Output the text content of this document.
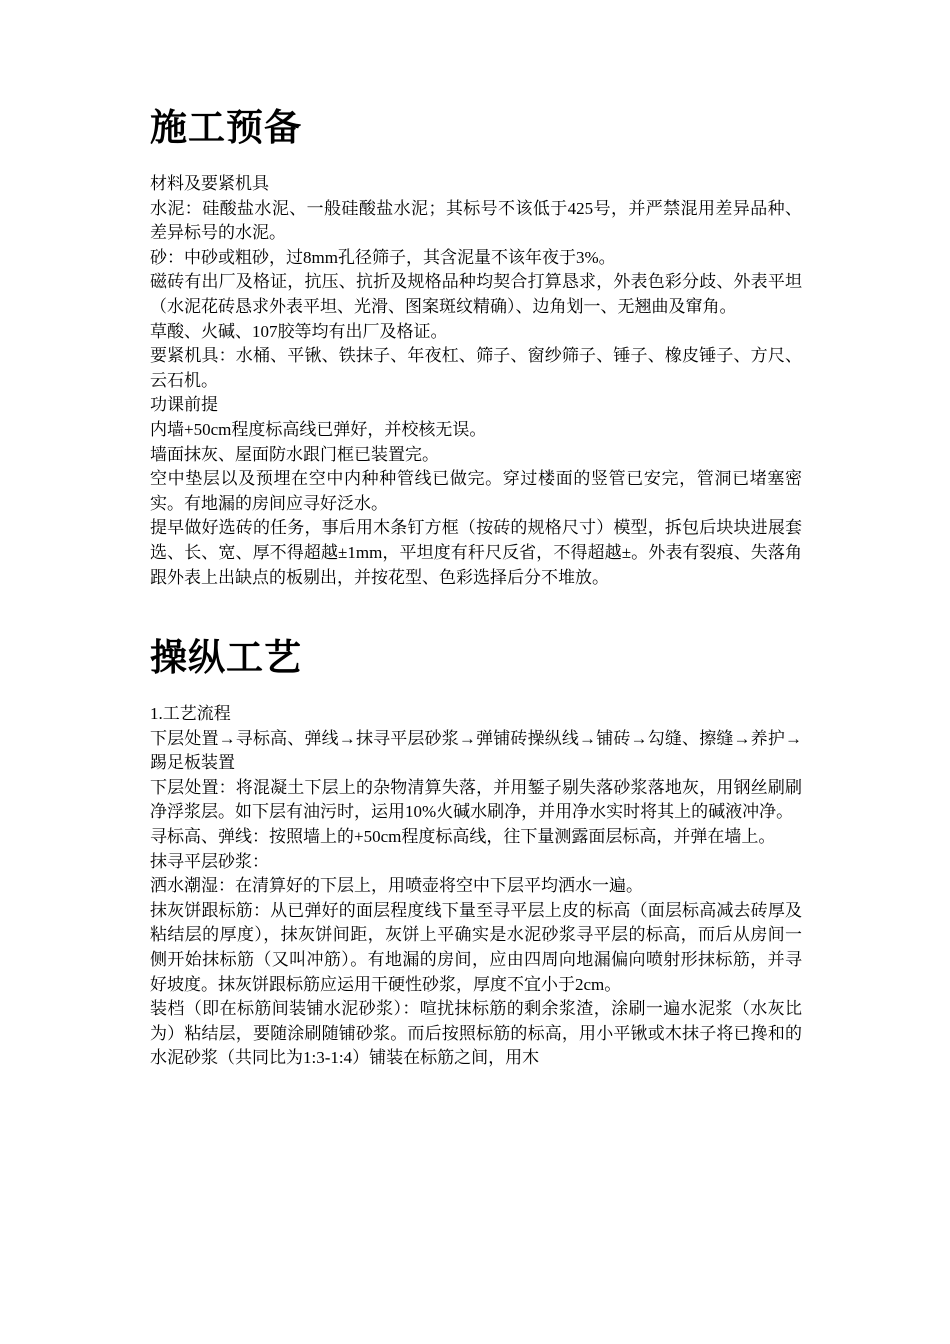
施工预备

材料及要紧机具

水泥：硅酸盐水泥、一般硅酸盐水泥；其标号不该低于425号，并严禁混用差异品种、差异标号的水泥。

砂：中砂或粗砂，过8mm孔径筛子，其含泥量不该年夜于3%。

磁砖有出厂及格证，抗压、抗折及规格品种均契合打算恳求，外表色彩分歧、外表平坦（水泥花砖恳求外表平坦、光滑、图案斑纹精确）、边角划一、无翘曲及窜角。

草酸、火碱、107胶等均有出厂及格证。

要紧机具：水桶、平锹、铁抹子、年夜杠、筛子、窗纱筛子、锤子、橡皮锤子、方尺、云石机。

功课前提

内墙+50cm程度标高线已弹好，并校核无误。

墙面抹灰、屋面防水跟门框已装置完。

空中垫层以及预埋在空中内种种管线已做完。穿过楼面的竖管已安完，管洞已堵塞密实。有地漏的房间应寻好泛水。

提早做好选砖的任务，事后用木条钉方框（按砖的规格尺寸）模型，拆包后块块进展套选、长、宽、厚不得超越±1mm，平坦度有秆尺反省，不得超越±。外表有裂痕、失落角跟外表上出缺点的板剔出，并按花型、色彩选择后分不堆放。

操纵工艺

1.工艺流程

下层处置→寻标高、弹线→抹寻平层砂浆→弹铺砖操纵线→铺砖→勾缝、擦缝→养护→踢足板装置

下层处置：将混凝土下层上的杂物清算失落，并用錾子剔失落砂浆落地灰，用钢丝刷刷净浮浆层。如下层有油污时，运用10%火碱水刷净，并用净水实时将其上的碱液冲净。

寻标高、弹线：按照墙上的+50cm程度标高线，往下量测露面层标高，并弹在墙上。

抹寻平层砂浆：

洒水潮湿：在清算好的下层上，用喷壶将空中下层平均洒水一遍。

抹灰饼跟标筋：从已弹好的面层程度线下量至寻平层上皮的标高（面层标高减去砖厚及粘结层的厚度），抹灰饼间距，灰饼上平确实是水泥砂浆寻平层的标高，而后从房间一侧开始抹标筋（又叫冲筋）。有地漏的房间，应由四周向地漏偏向喷射形抹标筋，并寻好坡度。抹灰饼跟标筋应运用干硬性砂浆，厚度不宜小于2cm。

装档（即在标筋间装铺水泥砂浆）：喧扰抹标筋的剩余浆渣，涂刷一遍水泥浆（水灰比为）粘结层，要随涂刷随铺砂浆。而后按照标筋的标高，用小平锹或木抹子将已搀和的水泥砂浆（共同比为1:3-1:4）铺装在标筋之间，用木
